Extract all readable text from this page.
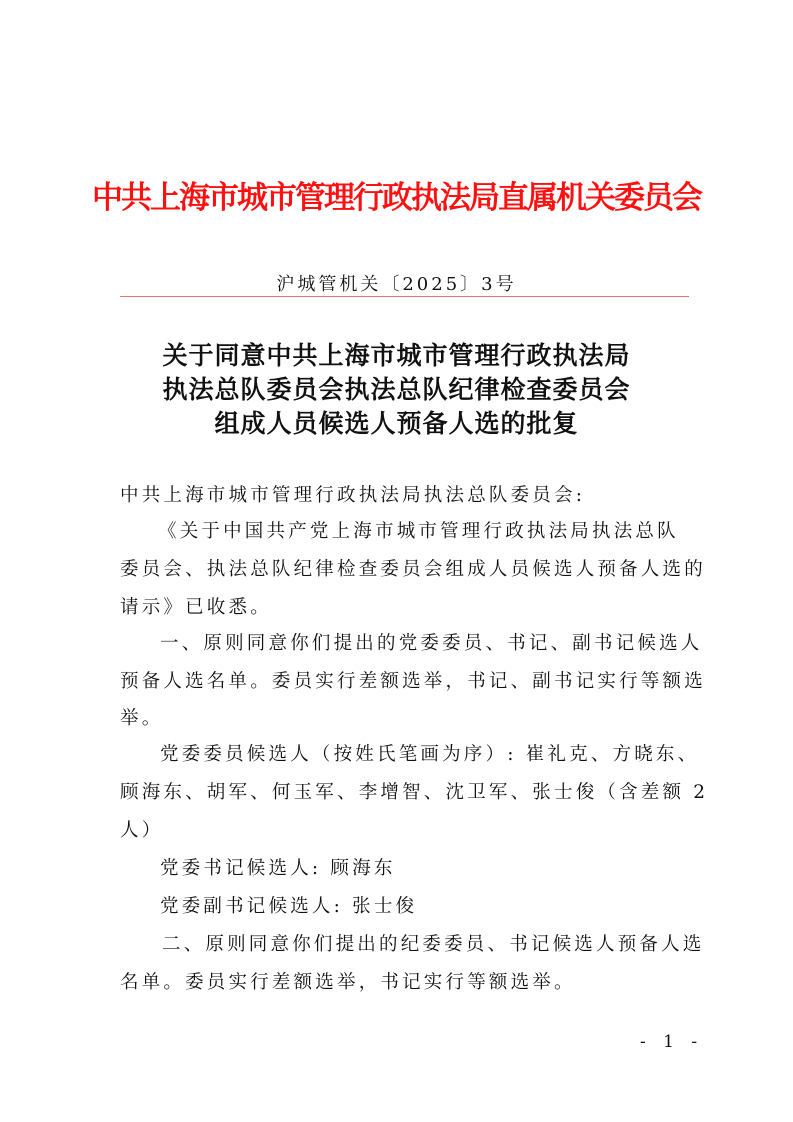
中共上海市城市管理行政执法局直属机关委员会
沪城管机关〔2025〕3号
关于同意中共上海市城市管理行政执法局
执法总队委员会执法总队纪律检查委员会
组成人员候选人预备人选的批复
中共上海市城市管理行政执法局执法总队委员会:
《关于中国共产党上海市城市管理行政执法局执法总队
委员会、执法总队纪律检查委员会组成人员候选人预备人选的
请示》已收悉。
一、原则同意你们提出的党委委员、书记、副书记候选人
预备人选名单。委员实行差额选举，书记、副书记实行等额选
举。
党委委员候选人（按姓氏笔画为序）: 崔礼克、方晓东、
顾海东、胡军、何玉军、李增智、沈卫军、张士俊（含差额 2
人）
党委书记候选人: 顾海东
党委副书记候选人: 张士俊
二、原则同意你们提出的纪委委员、书记候选人预备人选
名单。委员实行差额选举，书记实行等额选举。
- 1 -
